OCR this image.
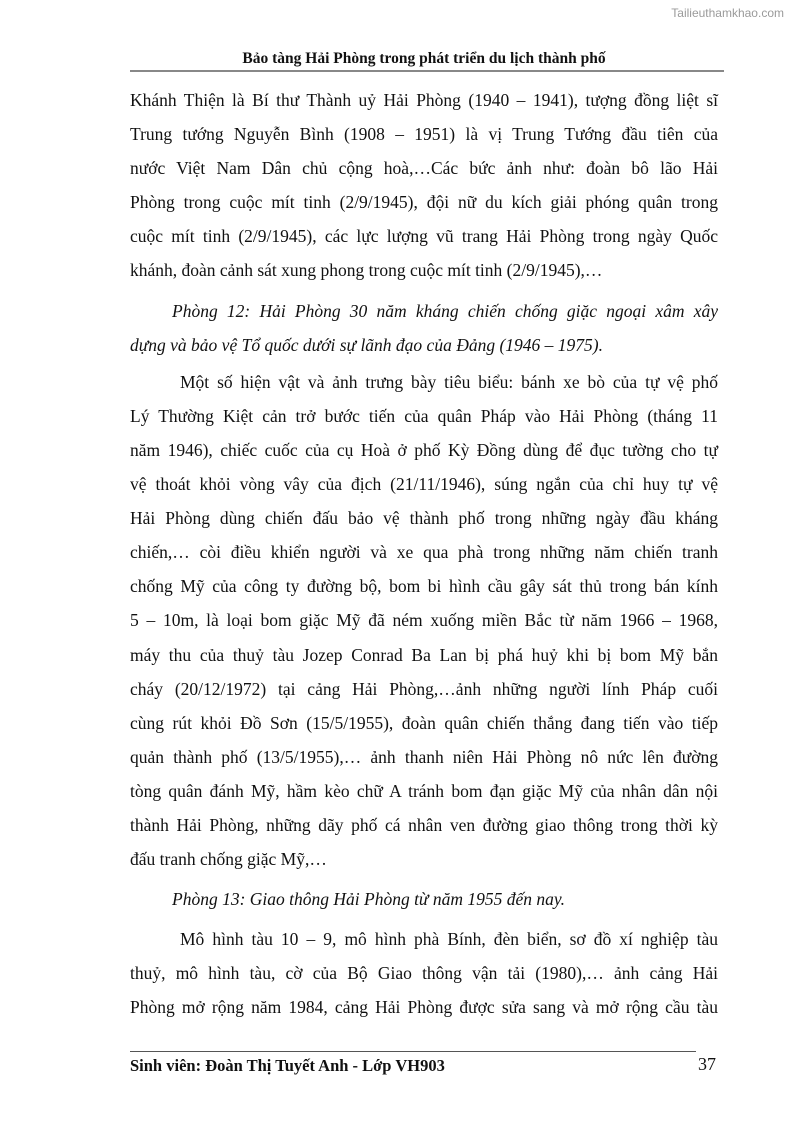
Tailieuthamkhao.com
Bảo tàng Hải Phòng trong phát triển du lịch thành phố
Khánh Thiện là Bí thư Thành uỷ Hải Phòng (1940 – 1941), tượng đồng liệt sĩ
Trung tướng Nguyễn Bình (1908 – 1951) là vị Trung Tướng đầu tiên của
nước Việt Nam Dân chủ cộng hoà,…Các bức ảnh như: đoàn bô lão Hải
Phòng trong cuộc mít tinh (2/9/1945), đội nữ du kích giải phóng quân trong
cuộc mít tinh (2/9/1945), các lực lượng vũ trang Hải Phòng trong ngày Quốc
khánh, đoàn cảnh sát xung phong trong cuộc mít tinh (2/9/1945),…
Phòng 12: Hải Phòng 30 năm kháng chiến chống giặc ngoại xâm xây
dựng và bảo vệ Tổ quốc dưới sự lãnh đạo của Đảng (1946 – 1975).
Một số hiện vật và ảnh trưng bày tiêu biểu: bánh xe bò của tự vệ phố
Lý Thường Kiệt cản trở bước tiến của quân Pháp vào Hải Phòng (tháng 11
năm 1946), chiếc cuốc của cụ Hoà ở phố Kỳ Đồng dùng để đục tường cho tự
vệ thoát khỏi vòng vây của địch (21/11/1946), súng ngắn của chỉ huy tự vệ
Hải Phòng dùng chiến đấu bảo vệ thành phố trong những ngày đầu kháng
chiến,… còi điều khiển người và xe qua phà trong những năm chiến tranh
chống Mỹ của công ty đường bộ, bom bi hình cầu gây sát thủ trong bán kính
5 – 10m, là loại bom giặc Mỹ đã ném xuống miền Bắc từ năm 1966 – 1968,
máy thu của thuỷ tàu Jozep Conrad Ba Lan bị phá huỷ khi bị bom Mỹ bắn
cháy (20/12/1972) tại cảng Hải Phòng,…ảnh những người lính Pháp cuối
cùng rút khỏi Đồ Sơn (15/5/1955), đoàn quân chiến thắng đang tiến vào tiếp
quản thành phố (13/5/1955),… ảnh thanh niên Hải Phòng nô nức lên đường
tòng quân đánh Mỹ, hầm kèo chữ A tránh bom đạn giặc Mỹ của nhân dân nội
thành Hải Phòng, những dãy phố cá nhân ven đường giao thông trong thời kỳ
đấu tranh chống giặc Mỹ,…
Phòng 13: Giao thông Hải Phòng từ năm 1955 đến nay.
Mô hình tàu 10 – 9, mô hình phà Bính, đèn biển, sơ đồ xí nghiệp tàu
thuỷ, mô hình tàu, cờ của Bộ Giao thông vận tải (1980),… ảnh cảng Hải
Phòng mở rộng năm 1984, cảng Hải Phòng được sửa sang và mở rộng cầu tàu
Sinh viên: Đoàn Thị Tuyết Anh - Lớp VH903	37
